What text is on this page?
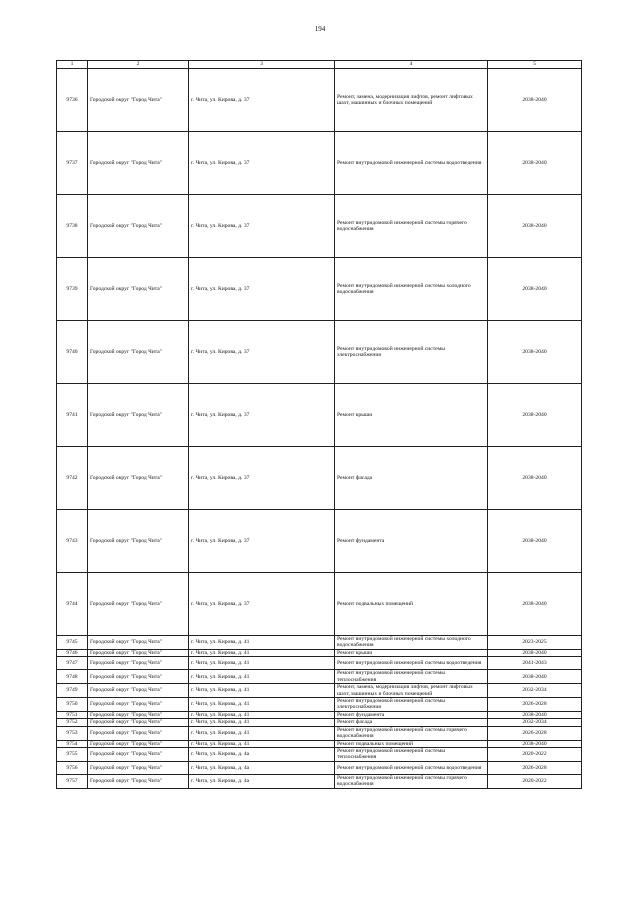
194
1	2	3	4	5
9736	Городской округ "Город Чита"	г. Чита, ул. Кирова, д. 37	Ремонт, замена, модернизация лифтов, ремонт лифтовых шахт, машинных и блочных помещений	2038-2040
9737	Городской округ "Город Чита"	г. Чита, ул. Кирова, д. 37	Ремонт внутридомовой инженерной системы водоотведения	2038-2040
9738	Городской округ "Город Чита"	г. Чита, ул. Кирова, д. 37	Ремонт внутридомовой инженерной системы горячего водоснабжения	2038-2040
9739	Городской округ "Город Чита"	г. Чита, ул. Кирова, д. 37	Ремонт внутридомовой инженерной системы холодного водоснабжения	2038-2040
9740	Городской округ "Город Чита"	г. Чита, ул. Кирова, д. 37	Ремонт внутридомовой инженерной системы электроснабжения	2038-2040
9741	Городской округ "Город Чита"	г. Чита, ул. Кирова, д. 37	Ремонт крыши	2038-2040
9742	Городской округ "Город Чита"	г. Чита, ул. Кирова, д. 37	Ремонт фасада	2038-2040
9743	Городской округ "Город Чита"	г. Чита, ул. Кирова, д. 37	Ремонт фундамента	2038-2040
9744	Городской округ "Город Чита"	г. Чита, ул. Кирова, д. 37	Ремонт подвальных помещений	2038-2040
9745	Городской округ "Город Чита"	г. Чита, ул. Кирова, д. 41	Ремонт внутридомовой инженерной системы холодного водоснабжения	2023-2025
9746	Городской округ "Город Чита"	г. Чита, ул. Кирова, д. 41	Ремонт крыши	2038-2040
9747	Городской округ "Город Чита"	г. Чита, ул. Кирова, д. 41	Ремонт внутридомовой инженерной системы водоотведения	2041-2043
9748	Городской округ "Город Чита"	г. Чита, ул. Кирова, д. 41	Ремонт внутридомовой инженерной системы теплоснабжения	2038-2040
9749	Городской округ "Город Чита"	г. Чита, ул. Кирова, д. 41	Ремонт, замена, модернизация лифтов, ремонт лифтовых шахт, машинных и блочных помещений	2032-2034
9750	Городской округ "Город Чита"	г. Чита, ул. Кирова, д. 41	Ремонт внутридомовой инженерной системы электроснабжения	2026-2028
9751	Городской округ "Город Чита"	г. Чита, ул. Кирова, д. 41	Ремонт фундамента	2038-2040
9752	Городской округ "Город Чита"	г. Чита, ул. Кирова, д. 41	Ремонт фасада	2032-2034
9753	Городской округ "Город Чита"	г. Чита, ул. Кирова, д. 41	Ремонт внутридомовой инженерной системы горячего водоснабжения	2026-2028
9754	Городской округ "Город Чита"	г. Чита, ул. Кирова, д. 41	Ремонт подвальных помещений	2038-2040
9755	Городской округ "Город Чита"	г. Чита, ул. Кирова, д. 4а	Ремонт внутридомовой инженерной системы теплоснабжения	2020-2022
9756	Городской округ "Город Чита"	г. Чита, ул. Кирова, д. 4а	Ремонт внутридомовой инженерной системы водоотведения	2026-2028
9757	Городской округ "Город Чита"	г. Чита, ул. Кирова, д. 4а	Ремонт внутридомовой инженерной системы горячего водоснабжения	2020-2022
